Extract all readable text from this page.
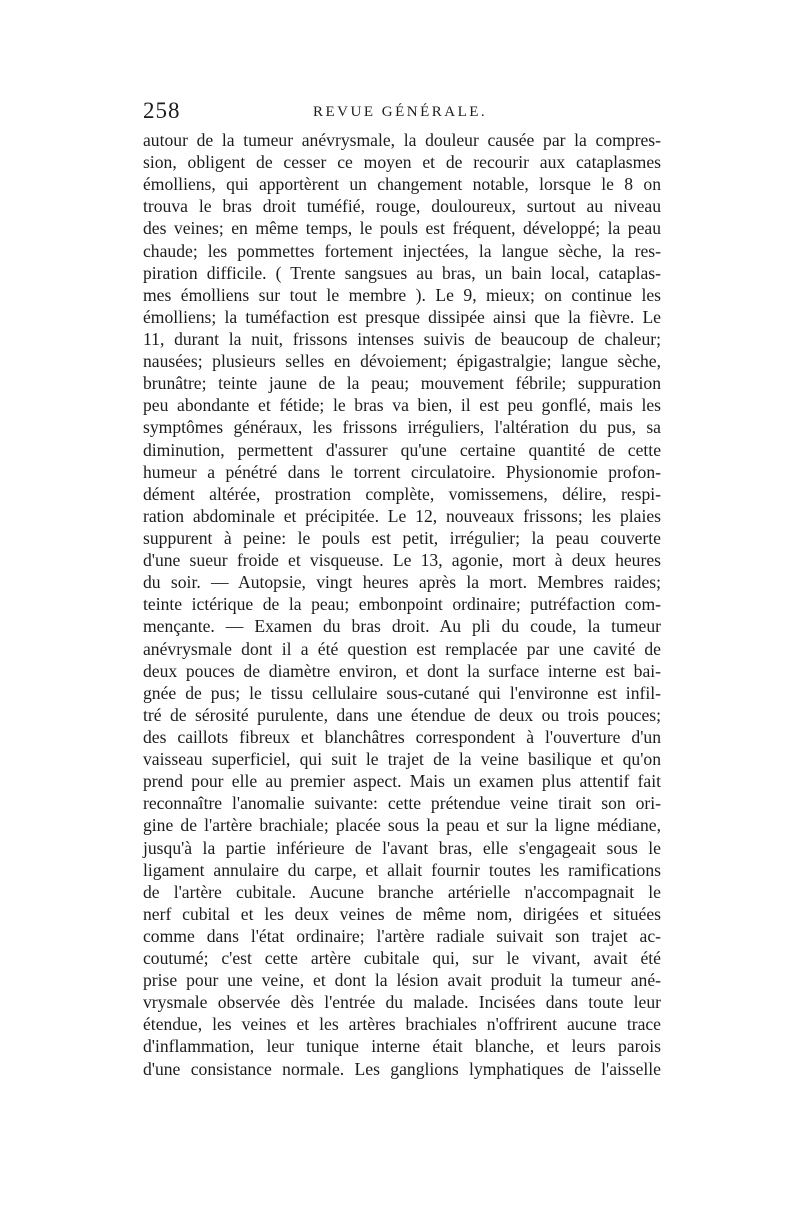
258	REVUE GÉNÉRALE.
autour de la tumeur anévrysmale, la douleur causée par la compres-
sion, obligent de cesser ce moyen et de recourir aux cataplasmes
émolliens, qui apportèrent un changement notable, lorsque le 8 on
trouva le bras droit tuméfié, rouge, douloureux, surtout au niveau
des veines; en même temps, le pouls est fréquent, développé; la peau
chaude; les pommettes fortement injectées, la langue sèche, la res-
piration difficile. ( Trente sangsues au bras, un bain local, cataplas-
mes émolliens sur tout le membre ). Le 9, mieux; on continue les
émolliens; la tuméfaction est presque dissipée ainsi que la fièvre. Le
11, durant la nuit, frissons intenses suivis de beaucoup de chaleur;
nausées; plusieurs selles en dévoiement; épigastralgie; langue sèche,
brunâtre; teinte jaune de la peau; mouvement fébrile; suppuration
peu abondante et fétide; le bras va bien, il est peu gonflé, mais les
symptômes généraux, les frissons irréguliers, l'altération du pus, sa
diminution, permettent d'assurer qu'une certaine quantité de cette
humeur a pénétré dans le torrent circulatoire. Physionomie profon-
dément altérée, prostration complète, vomissemens, délire, respi-
ration abdominale et précipitée. Le 12, nouveaux frissons; les plaies
suppurent à peine: le pouls est petit, irrégulier; la peau couverte
d'une sueur froide et visqueuse. Le 13, agonie, mort à deux heures
du soir. — Autopsie, vingt heures après la mort. Membres raides;
teinte ictérique de la peau; embonpoint ordinaire; putréfaction com-
mençante. — Examen du bras droit. Au pli du coude, la tumeur
anévrysmale dont il a été question est remplacée par une cavité de
deux pouces de diamètre environ, et dont la surface interne est bai-
gnée de pus; le tissu cellulaire sous-cutané qui l'environne est infil-
tré de sérosité purulente, dans une étendue de deux ou trois pouces;
des caillots fibreux et blanchâtres correspondent à l'ouverture d'un
vaisseau superficiel, qui suit le trajet de la veine basilique et qu'on
prend pour elle au premier aspect. Mais un examen plus attentif fait
reconnaître l'anomalie suivante: cette prétendue veine tirait son ori-
gine de l'artère brachiale; placée sous la peau et sur la ligne médiane,
jusqu'à la partie inférieure de l'avant bras, elle s'engageait sous le
ligament annulaire du carpe, et allait fournir toutes les ramifications
de l'artère cubitale. Aucune branche artérielle n'accompagnait le
nerf cubital et les deux veines de même nom, dirigées et situées
comme dans l'état ordinaire; l'artère radiale suivait son trajet ac-
coutumé; c'est cette artère cubitale qui, sur le vivant, avait été
prise pour une veine, et dont la lésion avait produit la tumeur ané-
vrysmale observée dès l'entrée du malade. Incisées dans toute leur
étendue, les veines et les artères brachiales n'offrirent aucune trace
d'inflammation, leur tunique interne était blanche, et leurs parois
d'une consistance normale. Les ganglions lymphatiques de l'aisselle
